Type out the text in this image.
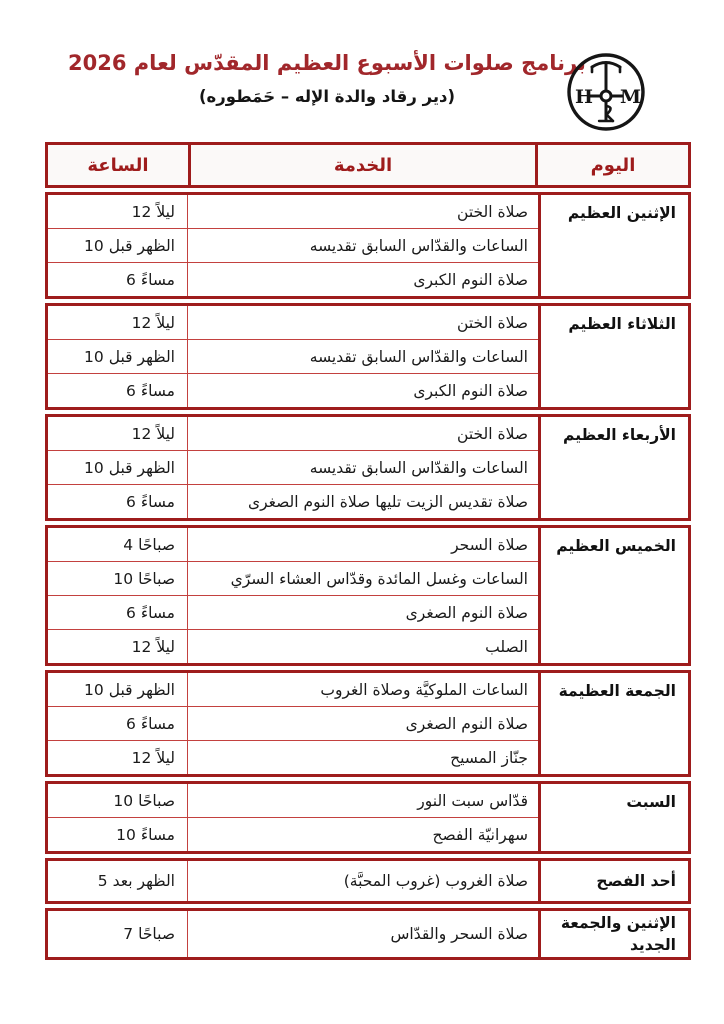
برنامج صلوات الأسبوع العظيم المقدّس لعام 2026
(دير رقاد والدة الإله – حَمَطوره)	H M
الساعة	الخدمة	اليوم
12 ليلاً	صلاة الختن
10 قبل الظهر	الساعات والقدّاس السابق تقديسه
6 مساءً	صلاة النوم الكبرى
الإثنين العظيم
12 ليلاً	صلاة الختن
10 قبل الظهر	الساعات والقدّاس السابق تقديسه
6 مساءً	صلاة النوم الكبرى
الثلاثاء العظيم
12 ليلاً	صلاة الختن
10 قبل الظهر	الساعات والقدّاس السابق تقديسه
6 مساءً	صلاة تقديس الزيت تليها صلاة النوم الصغرى
الأربعاء العظيم
4 صباحًا	صلاة السحر
10 صباحًا	الساعات وغسل المائدة وقدّاس العشاء السرّي
6 مساءً	صلاة النوم الصغرى
12 ليلاً	الصلب
الخميس العظيم
10 قبل الظهر	الساعات الملوكيَّة وصلاة الغروب
6 مساءً	صلاة النوم الصغرى
12 ليلاً	جنّاز المسيح
الجمعة العظيمة
10 صباحًا	قدّاس سبت النور
10 مساءً	سهرانيّة الفصح
السبت
5 بعد الظهر	صلاة الغروب (غروب المحبَّة)	أحد الفصح
7 صباحًا	صلاة السحر والقدّاس
الإثنين والجمعة الجديد
